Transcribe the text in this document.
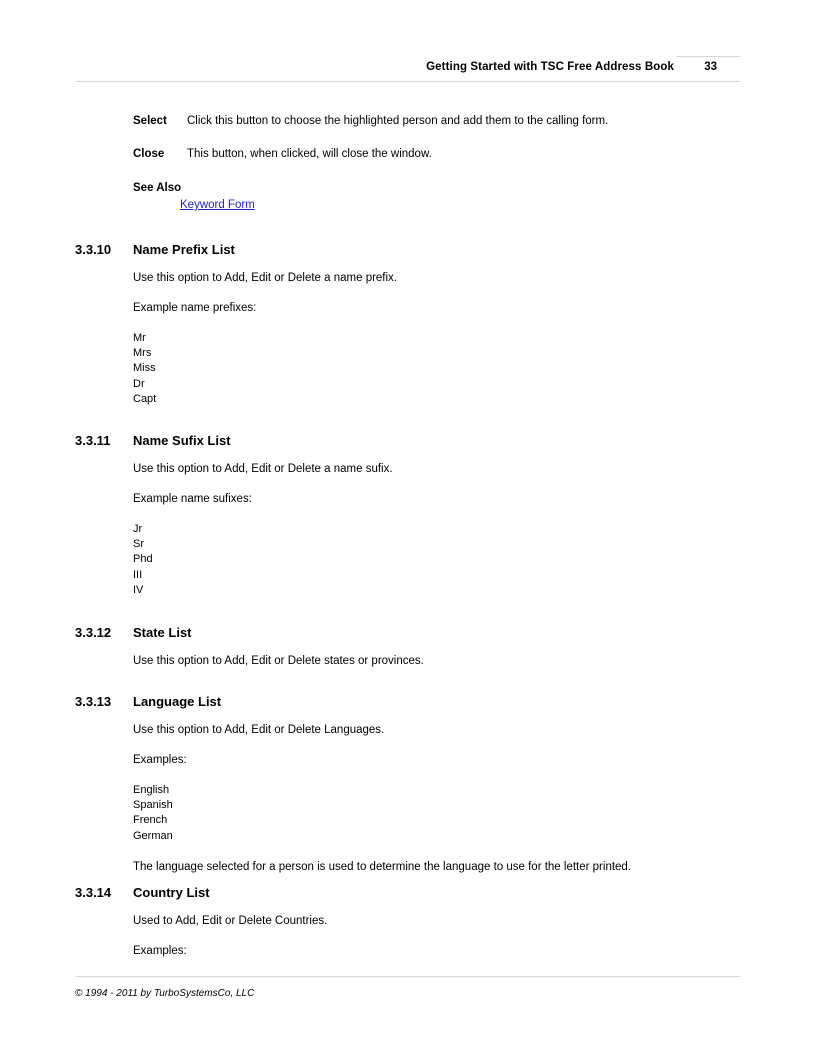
Getting Started with TSC Free Address Book	33
Select Click this button to choose the highlighted person and add them to the calling form.
Close This button, when clicked, will close the window.
See Also
Keyword Form
3.3.10 Name Prefix List
Use this option to Add, Edit or Delete a name prefix.
Example name prefixes:
Mr
Mrs
Miss
Dr
Capt
3.3.11 Name Sufix List
Use this option to Add, Edit or Delete a name sufix.
Example name sufixes:
Jr
Sr
Phd
III
IV
3.3.12 State List
Use this option to Add, Edit or Delete states or provinces.
3.3.13 Language List
Use this option to Add, Edit or Delete Languages.
Examples:
English
Spanish
French
German
The language selected for a person is used to determine the language to use for the letter printed.
3.3.14 Country List
Used to Add, Edit or Delete Countries.
Examples:
© 1994 - 2011 by TurboSystemsCo, LLC
